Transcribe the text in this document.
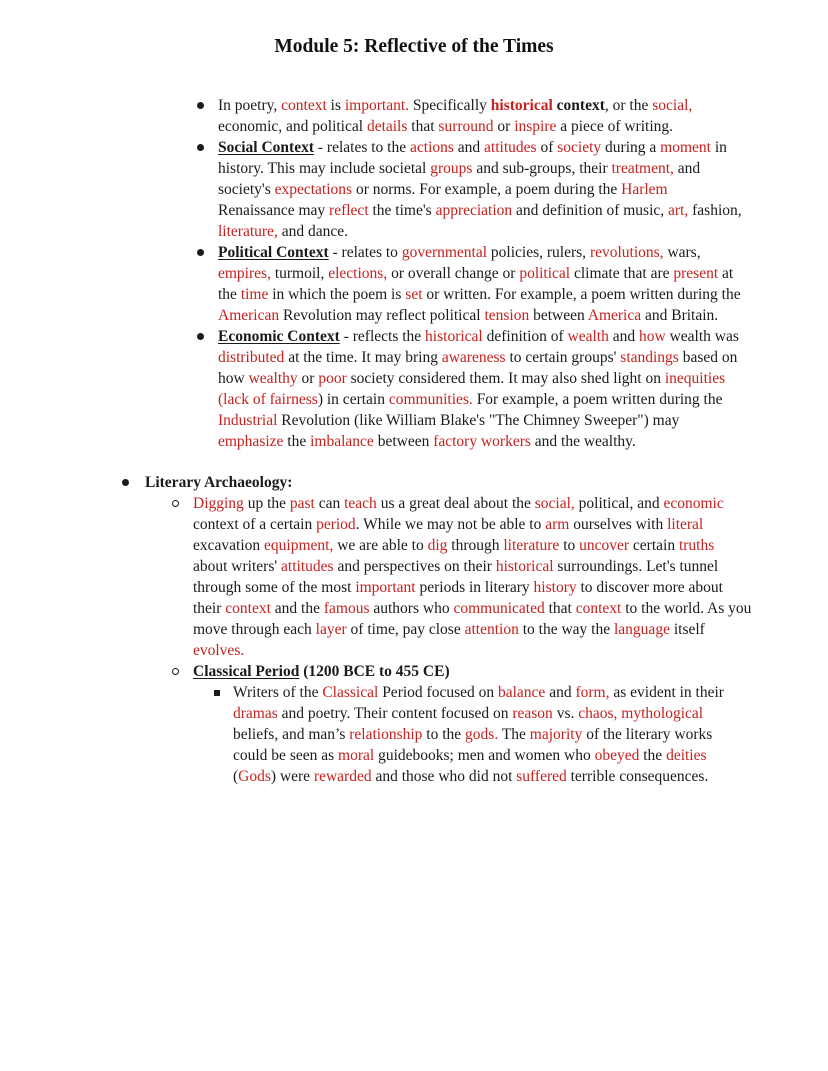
Module 5: Reflective of the Times
In poetry, context is important. Specifically historical context, or the social, economic, and political details that surround or inspire a piece of writing.
Social Context - relates to the actions and attitudes of society during a moment in history. This may include societal groups and sub-groups, their treatment, and society's expectations or norms. For example, a poem during the Harlem Renaissance may reflect the time's appreciation and definition of music, art, fashion, literature, and dance.
Political Context - relates to governmental policies, rulers, revolutions, wars, empires, turmoil, elections, or overall change or political climate that are present at the time in which the poem is set or written. For example, a poem written during the American Revolution may reflect political tension between America and Britain.
Economic Context - reflects the historical definition of wealth and how wealth was distributed at the time. It may bring awareness to certain groups' standings based on how wealthy or poor society considered them. It may also shed light on inequities (lack of fairness) in certain communities. For example, a poem written during the Industrial Revolution (like William Blake's "The Chimney Sweeper") may emphasize the imbalance between factory workers and the wealthy.
Literary Archaeology:
Digging up the past can teach us a great deal about the social, political, and economic context of a certain period. While we may not be able to arm ourselves with literal excavation equipment, we are able to dig through literature to uncover certain truths about writers' attitudes and perspectives on their historical surroundings. Let's tunnel through some of the most important periods in literary history to discover more about their context and the famous authors who communicated that context to the world. As you move through each layer of time, pay close attention to the way the language itself evolves.
Classical Period (1200 BCE to 455 CE)
Writers of the Classical Period focused on balance and form, as evident in their dramas and poetry. Their content focused on reason vs. chaos, mythological beliefs, and man’s relationship to the gods. The majority of the literary works could be seen as moral guidebooks; men and women who obeyed the deities (Gods) were rewarded and those who did not suffered terrible consequences.
